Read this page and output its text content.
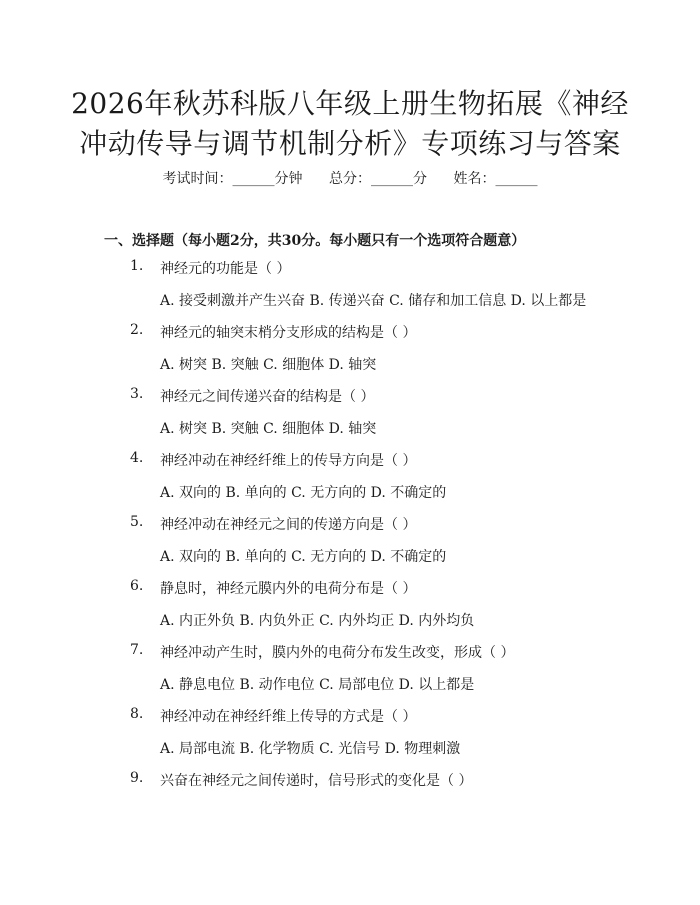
2026年秋苏科版八年级上册生物拓展《神经
冲动传导与调节机制分析》专项练习与答案
考试时间：______分钟 总分：______分 姓名：______
一、选择题（每小题2分，共30分。每小题只有一个选项符合题意）
1. 神经元的功能是（ ）
A. 接受刺激并产生兴奋 B. 传递兴奋 C. 储存和加工信息 D. 以上都是
2. 神经元的轴突末梢分支形成的结构是（ ）
A. 树突 B. 突触 C. 细胞体 D. 轴突
3. 神经元之间传递兴奋的结构是（ ）
A. 树突 B. 突触 C. 细胞体 D. 轴突
4. 神经冲动在神经纤维上的传导方向是（ ）
A. 双向的 B. 单向的 C. 无方向的 D. 不确定的
5. 神经冲动在神经元之间的传递方向是（ ）
A. 双向的 B. 单向的 C. 无方向的 D. 不确定的
6. 静息时，神经元膜内外的电荷分布是（ ）
A. 内正外负 B. 内负外正 C. 内外均正 D. 内外均负
7. 神经冲动产生时，膜内外的电荷分布发生改变，形成（ ）
A. 静息电位 B. 动作电位 C. 局部电位 D. 以上都是
8. 神经冲动在神经纤维上传导的方式是（ ）
A. 局部电流 B. 化学物质 C. 光信号 D. 物理刺激
9. 兴奋在神经元之间传递时，信号形式的变化是（ ）
